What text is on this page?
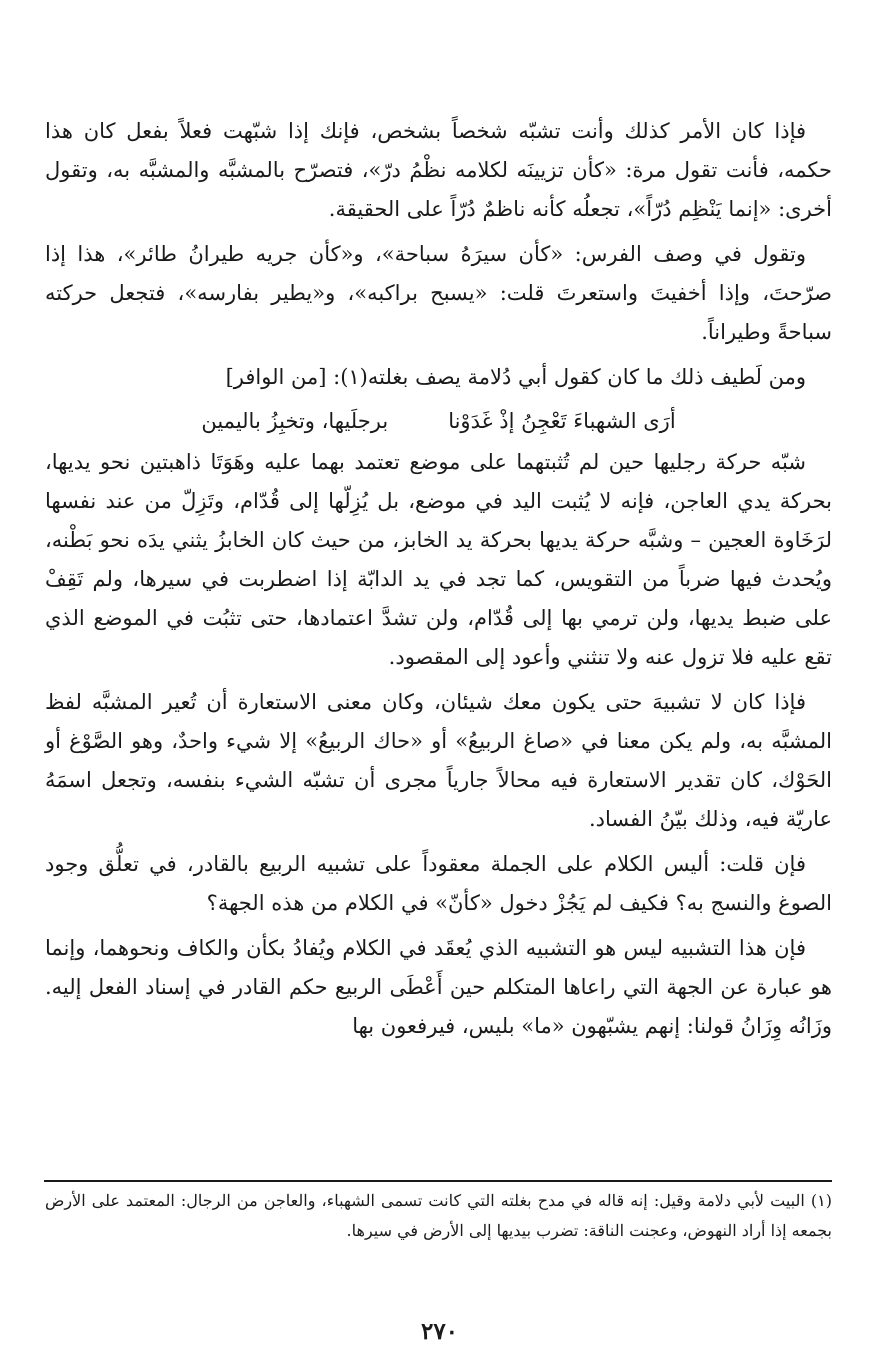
فإذا كان الأمر كذلك وأنت تشبّه شخصاً بشخص، فإنك إذا شبّهت فعلاً بفعل كان هذا حكمه، فأنت تقول مرة: «كأن تزيينَه لكلامه نظْمُ درّ»، فتصرّح بالمشبَّه والمشبَّه به، وتقول أخرى: «إنما يَنْظِم دُرّاً»، تجعلُه كأنه ناظمٌ دُرّاً على الحقيقة.

وتقول في وصف الفرس: «كأن سيرَهُ سباحة»، و«كأن جريه طيرانُ طائر»، هذا إذا صرّحتَ، وإذا أخفيتَ واستعرتَ قلت: «يسبح براكبه»، و«يطير بفارسه»، فتجعل حركته سباحةً وطيراناً.

ومن لَطيف ذلك ما كان كقول أبي دُلامة يصف بغلته(١): [من الوافر]

أرَى الشهباءَ تَعْجِنُ إذْ غَدَوْنا
برجلَيها، وتخبِزُ باليمين

شبّه حركة رجليها حين لم تُثبتهما على موضع تعتمد بهما عليه وهَوَتَا ذاهبتين نحو يديها، بحركة يدي العاجن، فإنه لا يُثبت اليد في موضع، بل يُزِلّها إلى قُدّام، وتَزِلّ من عند نفسها لرَخَاوة العجين – وشبَّه حركة يديها بحركة يد الخابز، من حيث كان الخابزُ يثني يدَه نحو بَطْنه، ويُحدث فيها ضرباً من التقويس، كما تجد في يد الدابّة إذا اضطربت في سيرها، ولم تَقِفْ على ضبط يديها، ولن ترمي بها إلى قُدّام، ولن تشدَّ اعتمادها، حتى تثبُت في الموضع الذي تقع عليه فلا تزول عنه ولا تنثني وأعود إلى المقصود.

فإذا كان لا تشبيهَ حتى يكون معك شيئان، وكان معنى الاستعارة أن تُعير المشبَّه لفظ المشبَّه به، ولم يكن معنا في «صاغ الربيعُ» أو «حاك الربيعُ» إلا شيء واحدٌ، وهو الصَّوْغ أو الحَوْك، كان تقدير الاستعارة فيه محالاً جارياً مجرى أن تشبّه الشيء بنفسه، وتجعل اسمَهُ عاريّة فيه، وذلك بيّنُ الفساد.

فإن قلت: أليس الكلام على الجملة معقوداً على تشبيه الربيع بالقادر، في تعلُّق وجود الصوغ والنسج به؟ فكيف لم يَجُزْ دخول «كأنّ» في الكلام من هذه الجهة؟

فإن هذا التشبيه ليس هو التشبيه الذي يُعقَد في الكلام ويُفادُ بكأن والكاف ونحوهما، وإنما هو عبارة عن الجهة التي راعاها المتكلم حين أَعْطَى الربيع حكم القادر في إسناد الفعل إليه. وزَانُه وِزَانُ قولنا: إنهم يشبّهون «ما» بليس، فيرفعون بها

(١) البيت لأبي دلامة وقيل: إنه قاله في مدح بغلته التي كانت تسمى الشهباء، والعاجن من الرجال: المعتمد على الأرض بجمعه إذا أراد النهوض، وعجنت الناقة: تضرب بيديها إلى الأرض في سيرها.
٢٧٠
